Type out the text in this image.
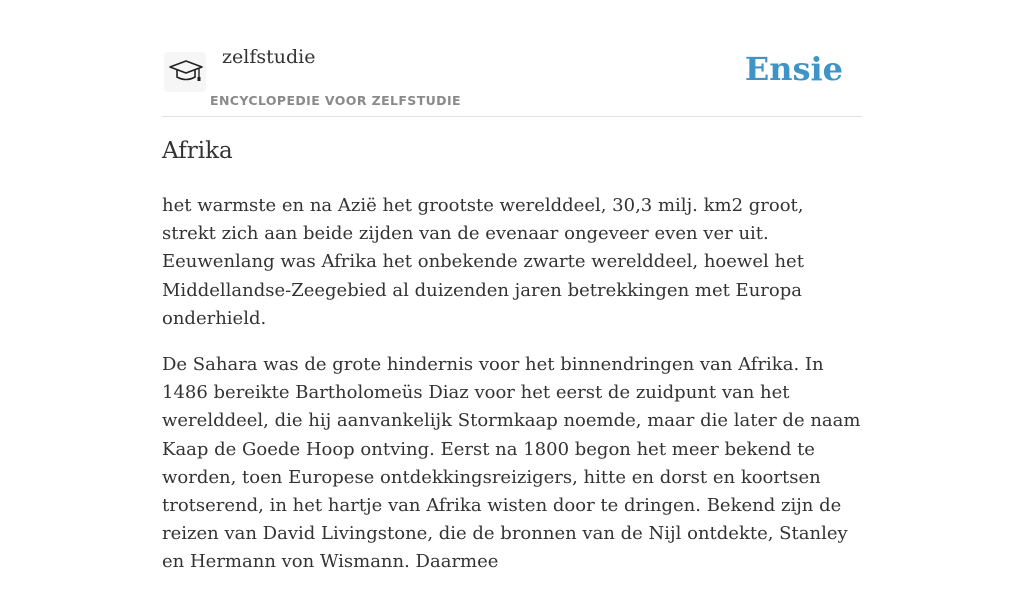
zelfstudie
ENCYCLOPEDIE VOOR ZELFSTUDIE
Ensie
Afrika

het warmste en na Azië het grootste werelddeel, 30,3 milj. km2 groot, strekt zich aan beide zijden van de evenaar ongeveer even ver uit. Eeuwenlang was Afrika het onbekende zwarte werelddeel, hoewel het Middellandse-Zeegebied al duizenden jaren betrekkingen met Europa onderhield.

De Sahara was de grote hindernis voor het binnendringen van Afrika. In 1486 bereikte Bartholomeüs Diaz voor het eerst de zuidpunt van het werelddeel, die hij aanvankelijk Stormkaap noemde, maar die later de naam Kaap de Goede Hoop ontving. Eerst na 1800 begon het meer bekend te worden, toen Europese ontdekkingsreizigers, hitte en dorst en koortsen trotserend, in het hartje van Afrika wisten door te dringen. Bekend zijn de reizen van David Livingstone, die de bronnen van de Nijl ontdekte, Stanley en Hermann von Wismann. Daarmee
